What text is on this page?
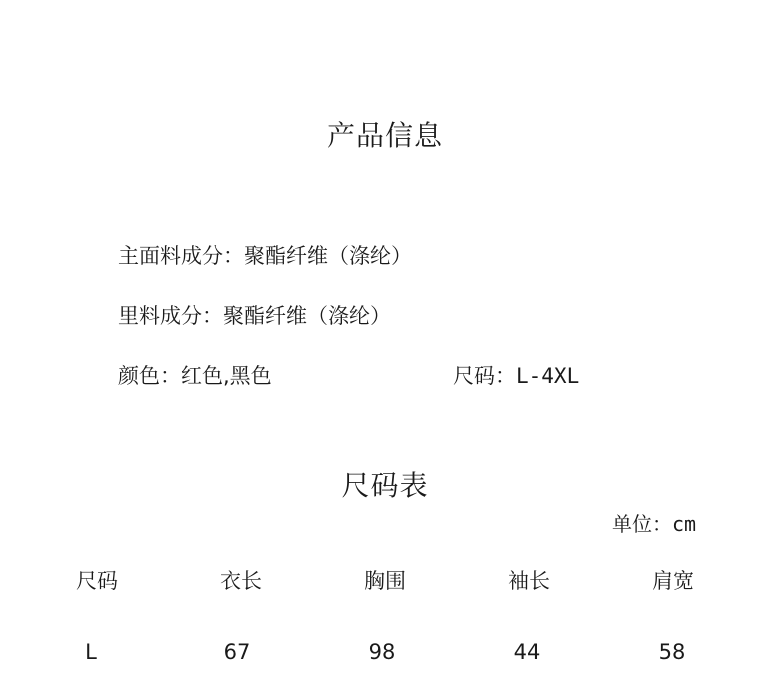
产品信息
主面料成分：聚酯纤维（涤纶）
里料成分：聚酯纤维（涤纶）
颜色：红色,黑色	尺码：L-4XL
尺码表
单位：cm
尺码	衣长	胸围	袖长	肩宽
L	67	98	44	58
